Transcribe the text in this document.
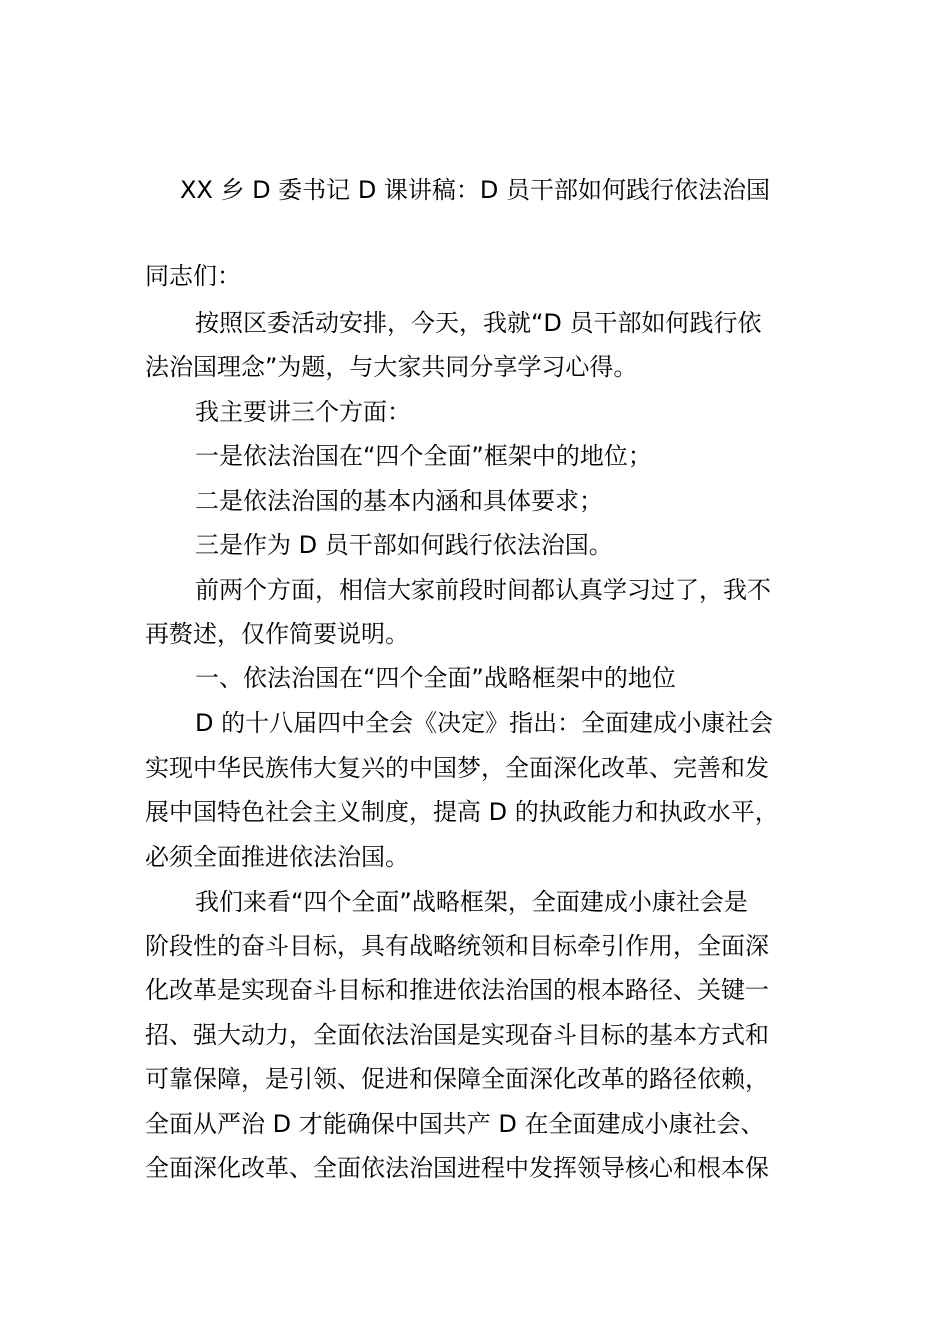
XX 乡 D 委书记 D 课讲稿：D 员干部如何践行依法治国
同志们：
按照区委活动安排，今天，我就“D 员干部如何践行依
法治国理念”为题，与大家共同分享学习心得。
我主要讲三个方面：
一是依法治国在“四个全面”框架中的地位；
二是依法治国的基本内涵和具体要求；
三是作为 D 员干部如何践行依法治国。
前两个方面，相信大家前段时间都认真学习过了，我不
再赘述，仅作简要说明。
一、依法治国在“四个全面”战略框架中的地位
D 的十八届四中全会《决定》指出：全面建成小康社会
实现中华民族伟大复兴的中国梦，全面深化改革、完善和发
展中国特色社会主义制度，提高 D 的执政能力和执政水平，
必须全面推进依法治国。
我们来看“四个全面”战略框架，全面建成小康社会是
阶段性的奋斗目标，具有战略统领和目标牵引作用，全面深
化改革是实现奋斗目标和推进依法治国的根本路径、关键一
招、强大动力，全面依法治国是实现奋斗目标的基本方式和
可靠保障，是引领、促进和保障全面深化改革的路径依赖，
全面从严治 D 才能确保中国共产 D 在全面建成小康社会、
全面深化改革、全面依法治国进程中发挥领导核心和根本保
